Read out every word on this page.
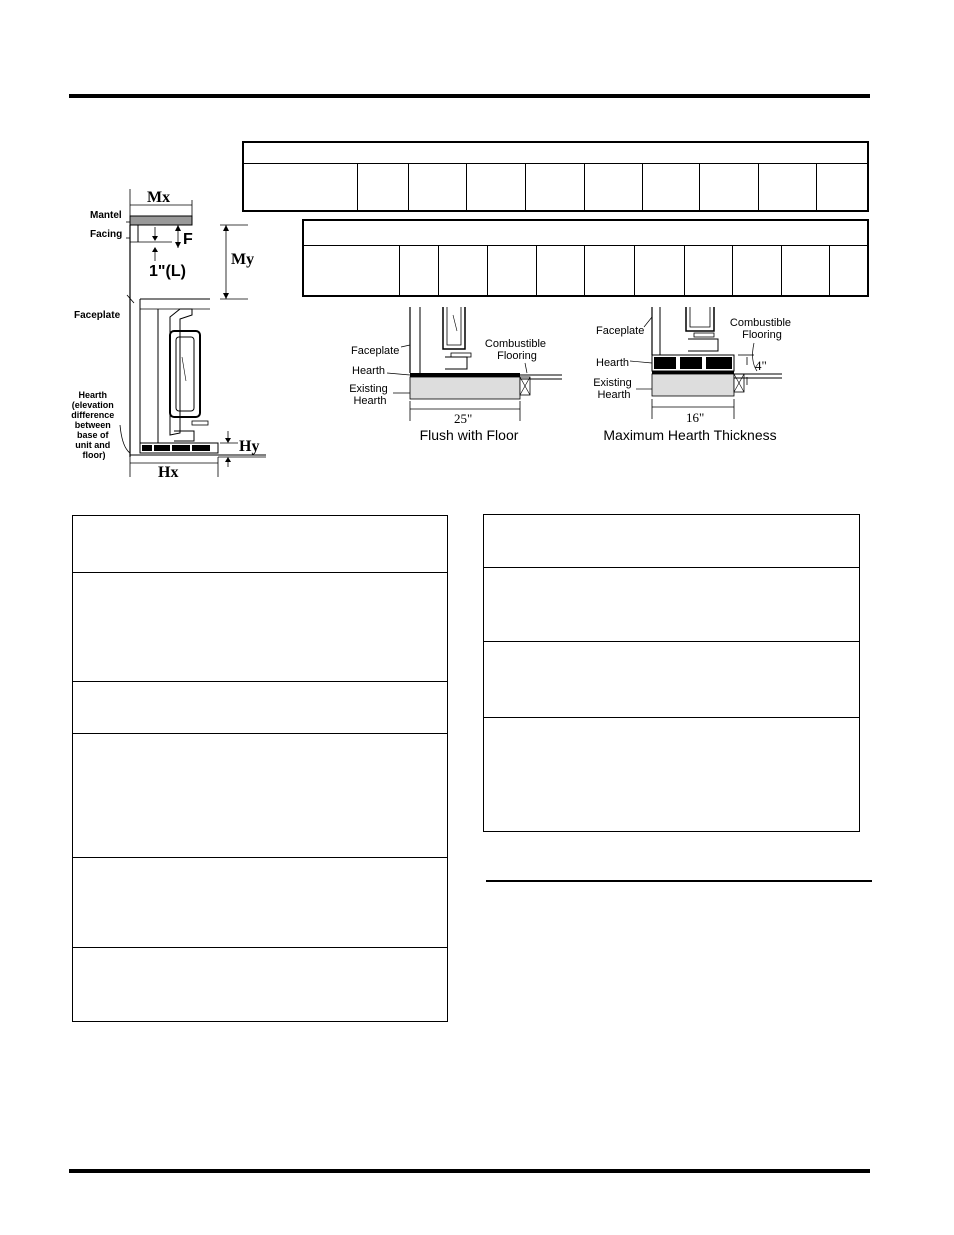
Mantel
Facing
Faceplate
Mx
F
1"(L)
My
Hy
Hx
Hearth (elevation difference between base of unit and floor)
Faceplate
Hearth
Existing Hearth
Combustible Flooring
25"
Flush with Floor
Faceplate
Hearth
Existing Hearth
Combustible Flooring
4"
16"
Maximum Hearth Thickness
